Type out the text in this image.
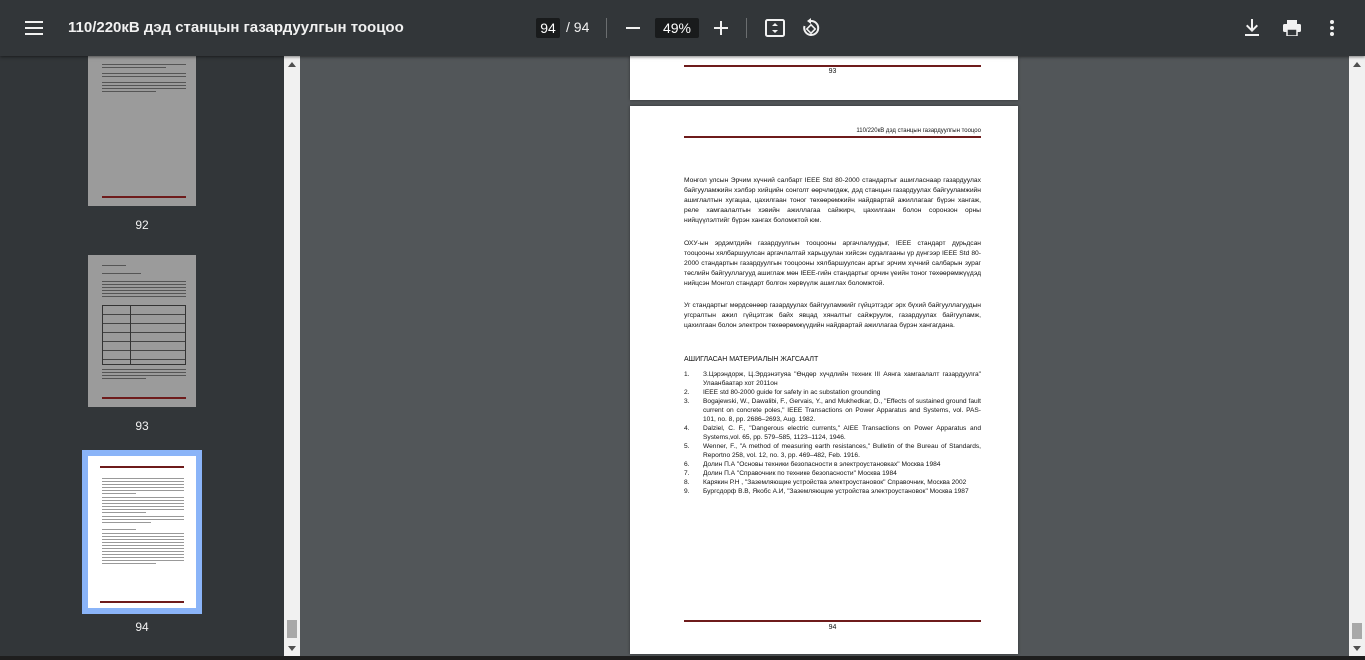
110/220кВ дэд станцын газардуулгын тооцоо	94 / 94	49%
92
93
94
93
110/220кВ дэд станцын газардуулгын тооцоо
Монгол улсын Эрчим хүчний салбарт IEEE Std 80-2000 стандартыг ашигласнаар газардуулах байгууламжийн хэлбэр хийцийн сонголт өөрчлөгдөж, дэд станцын газардуулах байгууламжийн ашиглалтын хугацаа, цахилгаан тоног төхөөрөмжийн найдвартай ажиллагааг бүрэн хангаж, реле хамгаалалтын хэвийн ажиллагаа сайжирч, цахилгаан болон соронзон орны нийцүүлэлтийг бүрэн хангах боломжтой юм.
ОХУ-ын эрдэмтдийн газардуулгын тооцооны аргачлалуудыг, IEEE стандарт дурьдсан тооцооны хялбаршуулсан аргачлалтай харьцуулан хийсэн судалгааны үр дүнгээр IEEE Std 80-2000 стандартын газардуулгын тооцооны хялбаршуулсан аргыг эрчим хүчний салбарын зураг төслийн байгууллагууд ашиглаж мөн IEEE-гийн стандартыг орчин үеийн тоног төхөөрөмжүүдэд нийцсэн Монгол стандарт болгон хөрвүүлж ашиглах боломжтой.
Уг стандартыг мөрдсөнөөр газардуулах байгууламжийг гүйцэтгэдэг эрх бүхий байгууллагуудын угсралтын ажил гүйцэтгэж байх явцад хяналтыг сайжруулж, газардуулах байгууламж, цахилгаан болон электрон төхөөрөмжүүдийн найдвартай ажиллагаа бүрэн хангагдана.
АШИГЛАСАН МАТЕРИАЛЫН ЖАГСААЛТ
1. З.Цэрэндорж, Ц.Эрдэнэтуяа "Өндөр хүчдлийн техник III Аянга хамгаалалт газардуулга" Улаанбаатар хот 2011он
2. IEEE std 80-2000 guide for safety in ac substation grounding
3. Bogajewski, W., Dawalibi, F., Gervais, Y., and Mukhedkar, D., "Effects of sustained ground fault current on concrete poles," IEEE Transactions on Power Apparatus and Systems, vol. PAS-101, no. 8, pp. 2686–2693, Aug. 1982.
4. Dalziel, C. F., "Dangerous electric currents," AIEE Transactions on Power Apparatus and Systems,vol. 65, pp. 579–585, 1123–1124, 1946.
5. Wenner, F., "A method of measuring earth resistances," Bulletin of the Bureau of Standards, Reportno 258, vol. 12, no. 3, pp. 469–482, Feb. 1916.
6. Долин П.А "Основы техники безопасности в электроустановках" Москва 1984
7. Долин П.А "Справочник по технике безопасности" Москва 1984
8. Карякин Р.Н , "Заземляющие устройства электроустановок" Справочник, Москва 2002
9. Бургсдорф В.В, Якобс А.И, "Заземляющие устройства электроустановок" Москва 1987
94
